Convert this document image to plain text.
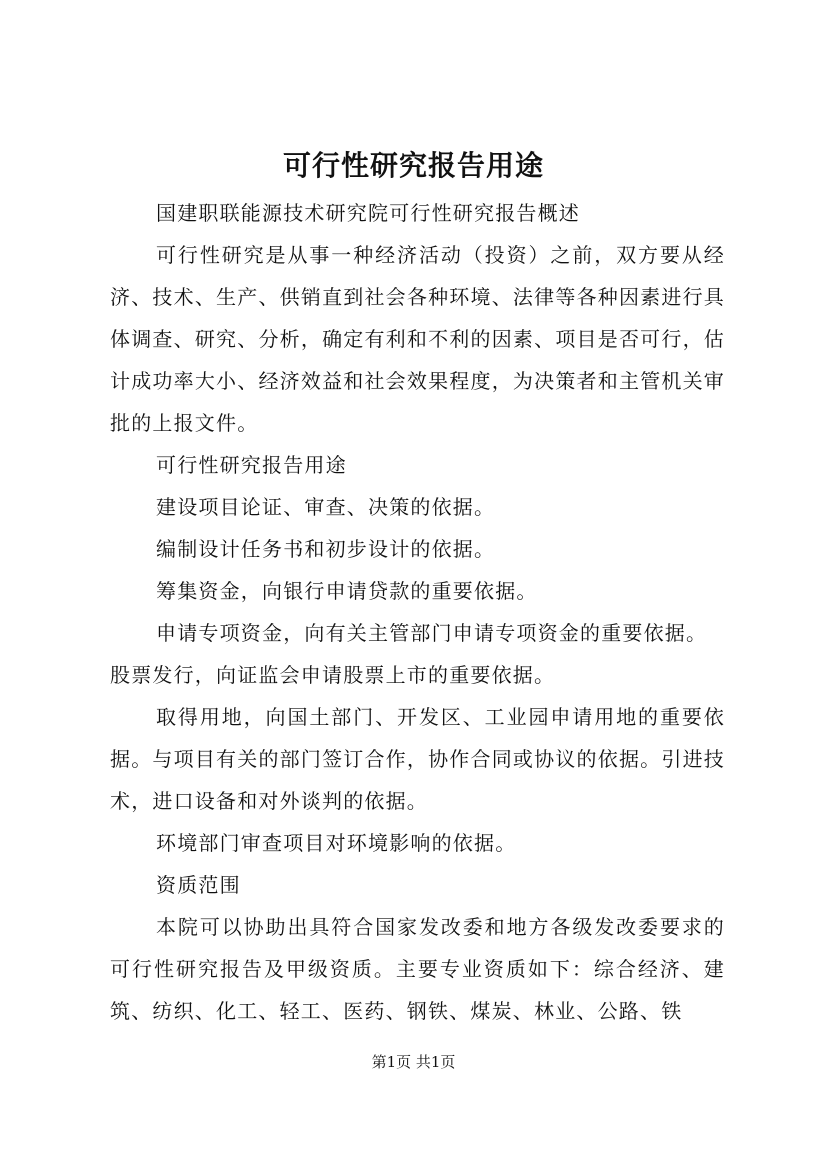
可行性研究报告用途

国建职联能源技术研究院可行性研究报告概述

可行性研究是从事一种经济活动（投资）之前，双方要从经济、技术、生产、供销直到社会各种环境、法律等各种因素进行具体调查、研究、分析，确定有利和不利的因素、项目是否可行，估计成功率大小、经济效益和社会效果程度，为决策者和主管机关审批的上报文件。

可行性研究报告用途

建设项目论证、审查、决策的依据。

编制设计任务书和初步设计的依据。

筹集资金，向银行申请贷款的重要依据。

申请专项资金，向有关主管部门申请专项资金的重要依据。

股票发行，向证监会申请股票上市的重要依据。

取得用地，向国土部门、开发区、工业园申请用地的重要依据。与项目有关的部门签订合作，协作合同或协议的依据。引进技术，进口设备和对外谈判的依据。

环境部门审查项目对环境影响的依据。

资质范围

本院可以协助出具符合国家发改委和地方各级发改委要求的可行性研究报告及甲级资质。主要专业资质如下：综合经济、建筑、纺织、化工、轻工、医药、钢铁、煤炭、林业、公路、铁

第1页 共1页
